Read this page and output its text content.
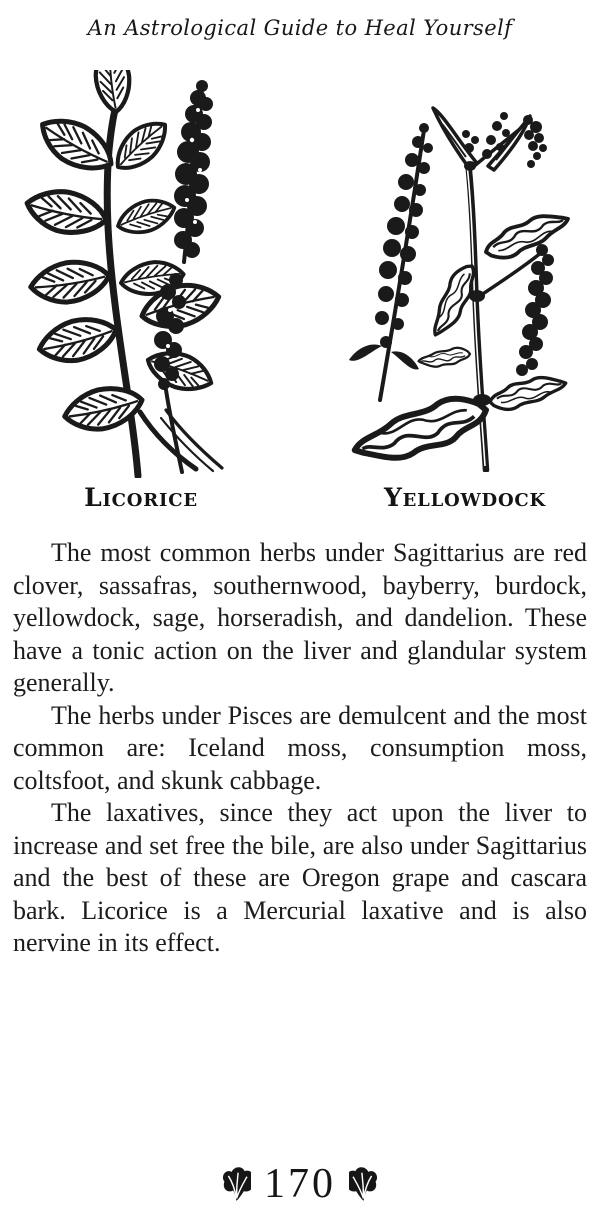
An Astrological Guide to Heal Yourself
Licorice	Yellowdock

The most common herbs under Sagittarius are red clover, sassafras, southernwood, bayberry, burdock, yellowdock, sage, horseradish, and dandelion. These have a tonic action on the liver and glandular system generally.

The herbs under Pisces are demulcent and the most common are: Iceland moss, consumption moss, coltsfoot, and skunk cabbage.

The laxatives, since they act upon the liver to increase and set free the bile, are also under Sagittarius and the best of these are Oregon grape and cascara bark. Licorice is a Mercurial laxative and is also nervine in its effect.

170
